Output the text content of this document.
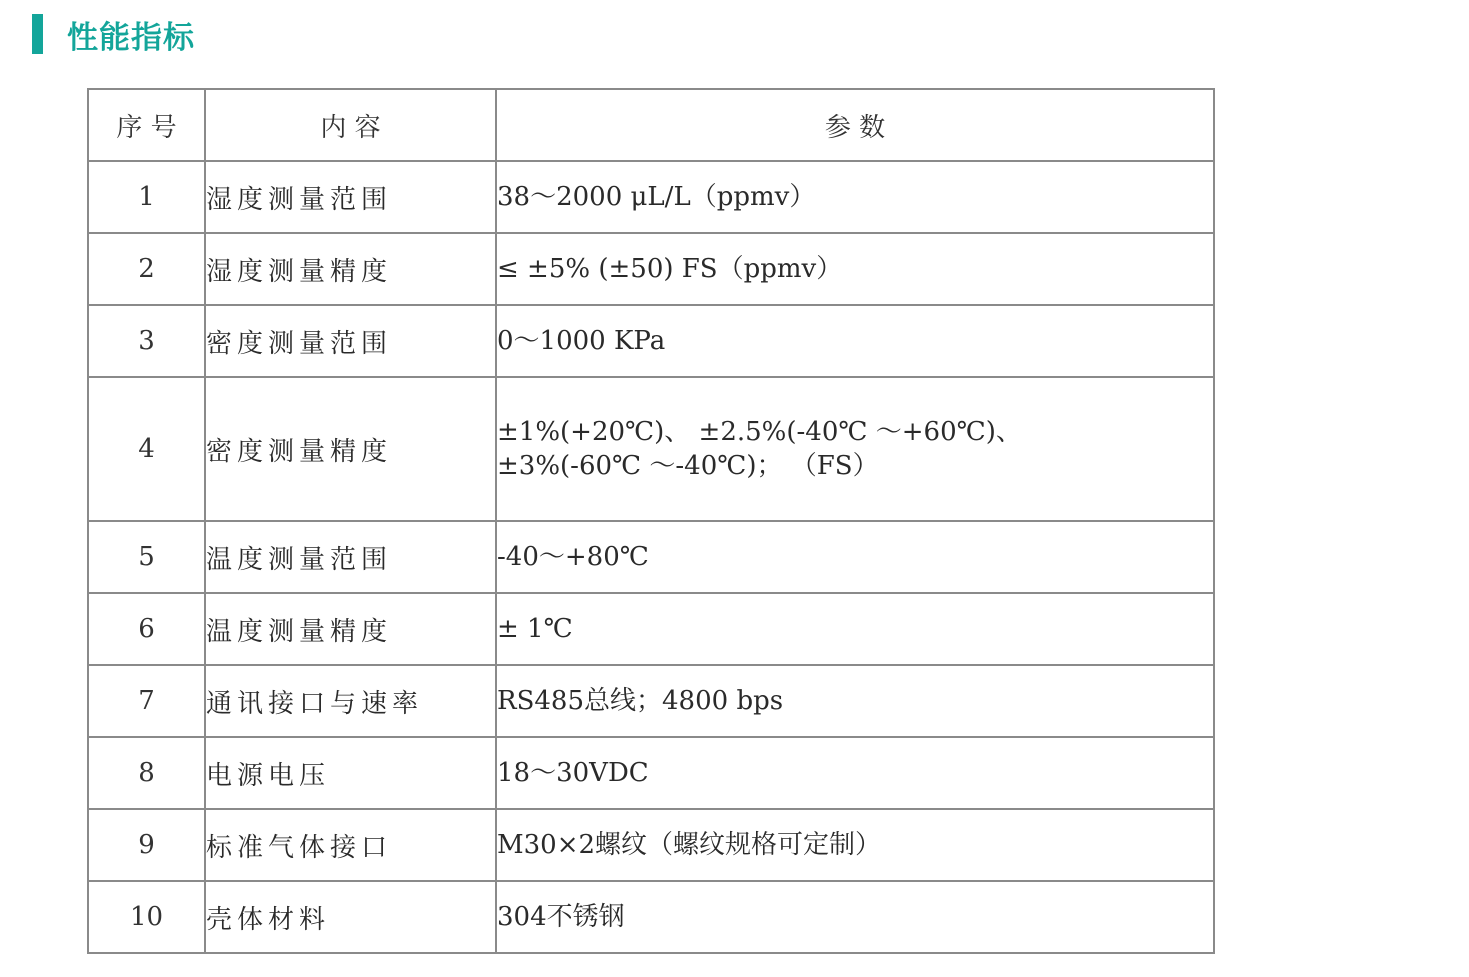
性能指标
序 号	内 容	参 数
1	湿度测量范围	38～2000 μL/L（ppmv）

2	湿度测量精度	≤ ±5% (±50) FS（ppmv）

3	密度测量范围	0～1000 KPa

4	密度测量精度	±1%(+20℃)、 ±2.5%(-40℃ ～+60℃)、
±3%(-60℃ ～-40℃)； （FS）

5	温度测量范围	-40～+80℃

6	温度测量精度	± 1℃

7	通讯接口与速率	RS485总线；4800 bps

8	电源电压	18～30VDC

9	标准气体接口	M30×2螺纹（螺纹规格可定制）

10	壳体材料	304不锈钢
